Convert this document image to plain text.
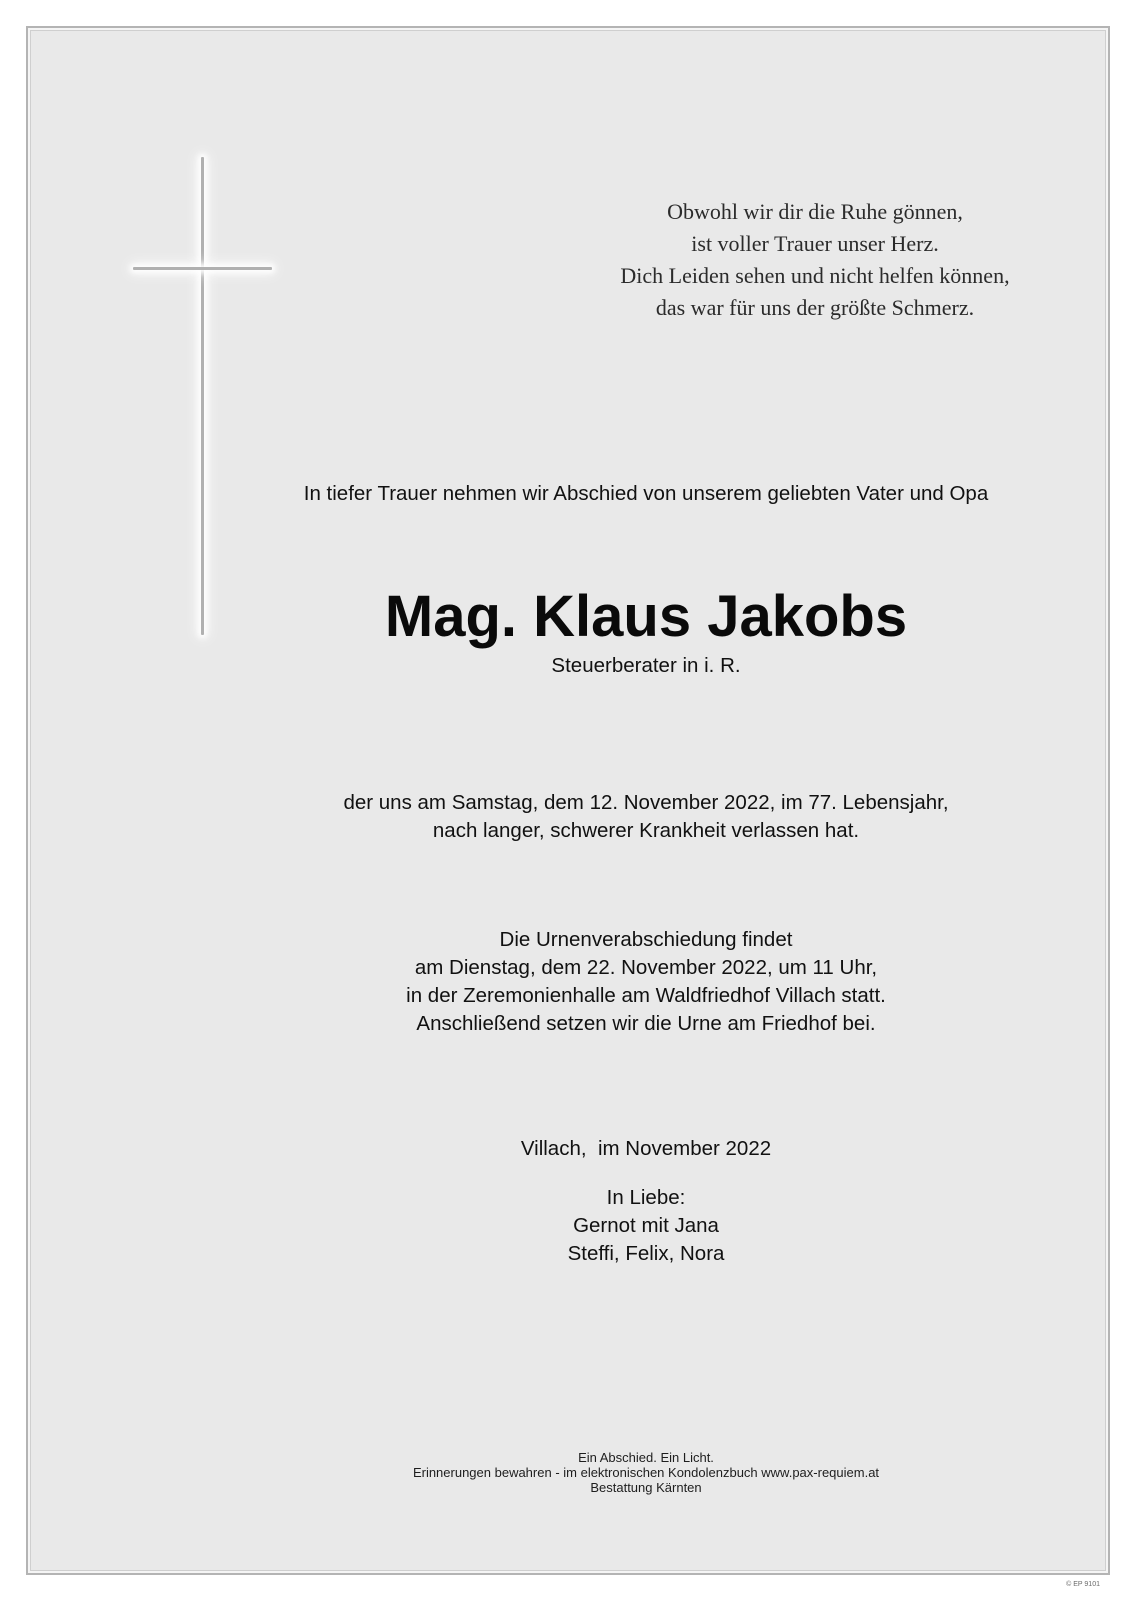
Obwohl wir dir die Ruhe gönnen,
ist voller Trauer unser Herz.
Dich Leiden sehen und nicht helfen können,
das war für uns der größte Schmerz.
In tiefer Trauer nehmen wir Abschied von unserem geliebten Vater und Opa
Mag. Klaus Jakobs
Steuerberater in i. R.
der uns am Samstag, dem 12. November 2022, im 77. Lebensjahr,
nach langer, schwerer Krankheit verlassen hat.
Die Urnenverabschiedung findet
am Dienstag, dem 22. November 2022, um 11 Uhr,
in der Zeremonienhalle am Waldfriedhof Villach statt.
Anschließend setzen wir die Urne am Friedhof bei.

Villach,  im November 2022

In Liebe:
Gernot mit Jana
Steffi, Felix, Nora
Ein Abschied. Ein Licht.
Erinnerungen bewahren - im elektronischen Kondolenzbuch www.pax-requiem.at
Bestattung Kärnten
© EP 9101
